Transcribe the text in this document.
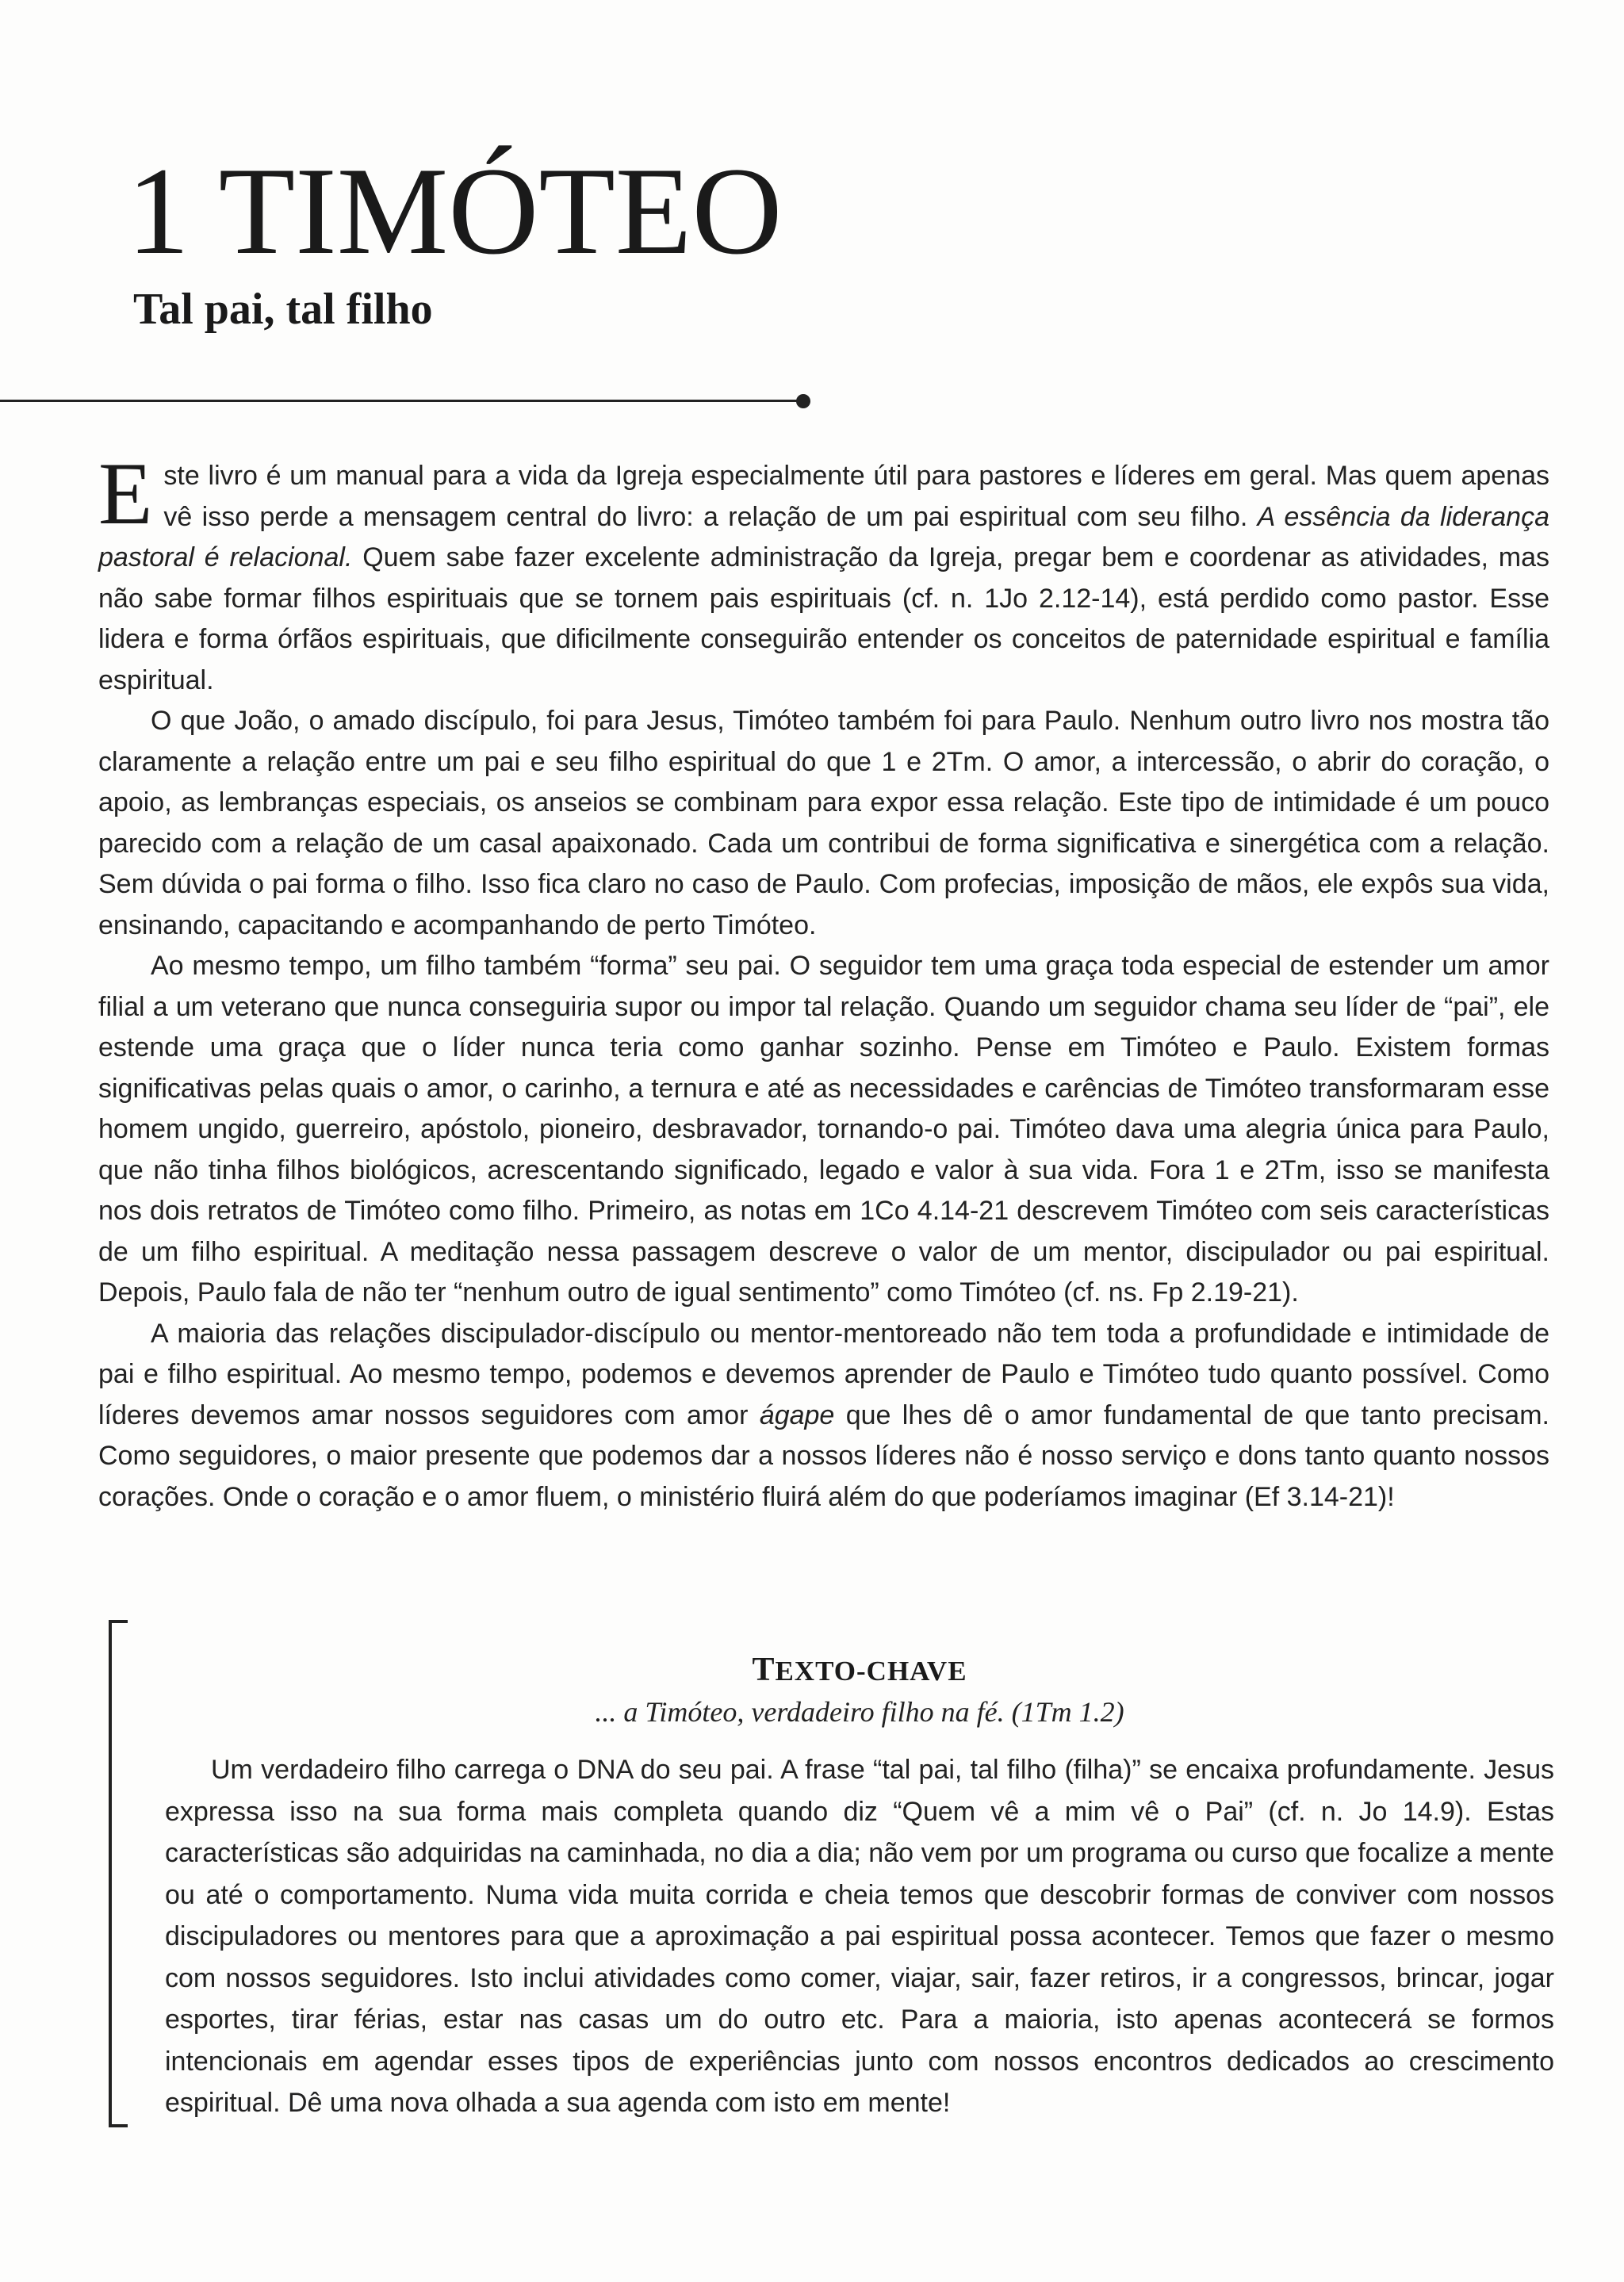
1 TIMÓTEO
Tal pai, tal filho

Este livro é um manual para a vida da Igreja especialmente útil para pastores e líderes em geral. Mas quem apenas vê isso perde a mensagem central do livro: a relação de um pai espiritual com seu filho. A essência da liderança pastoral é relacional. Quem sabe fazer excelente administração da Igreja, pregar bem e coordenar as atividades, mas não sabe formar filhos espirituais que se tornem pais espirituais (cf. n. 1Jo 2.12-14), está perdido como pastor. Esse lidera e forma órfãos espirituais, que dificilmente conseguirão entender os conceitos de paternidade espiritual e família espiritual.

O que João, o amado discípulo, foi para Jesus, Timóteo também foi para Paulo. Nenhum outro livro nos mostra tão claramente a relação entre um pai e seu filho espiritual do que 1 e 2Tm. O amor, a intercessão, o abrir do coração, o apoio, as lembranças especiais, os anseios se combinam para expor essa relação. Este tipo de intimidade é um pouco parecido com a relação de um casal apaixonado. Cada um contribui de forma significativa e sinergética com a relação. Sem dúvida o pai forma o filho. Isso fica claro no caso de Paulo. Com profecias, imposição de mãos, ele expôs sua vida, ensinando, capacitando e acompanhando de perto Timóteo.

Ao mesmo tempo, um filho também “forma” seu pai. O seguidor tem uma graça toda especial de estender um amor filial a um veterano que nunca conseguiria supor ou impor tal relação. Quando um seguidor chama seu líder de “pai”, ele estende uma graça que o líder nunca teria como ganhar sozinho. Pense em Timóteo e Paulo. Existem formas significativas pelas quais o amor, o carinho, a ternura e até as necessidades e carências de Timóteo transformaram esse homem ungido, guerreiro, apóstolo, pioneiro, desbravador, tornando-o pai. Timóteo dava uma alegria única para Paulo, que não tinha filhos biológicos, acrescentando significado, legado e valor à sua vida. Fora 1 e 2Tm, isso se manifesta nos dois retratos de Timóteo como filho. Primeiro, as notas em 1Co 4.14-21 descrevem Timóteo com seis características de um filho espiritual. A meditação nessa passagem descreve o valor de um mentor, discipulador ou pai espiritual. Depois, Paulo fala de não ter “nenhum outro de igual sentimento” como Timóteo (cf. ns. Fp 2.19-21).

A maioria das relações discipulador-discípulo ou mentor-mentoreado não tem toda a profundidade e intimidade de pai e filho espiritual. Ao mesmo tempo, podemos e devemos aprender de Paulo e Timóteo tudo quanto possível. Como líderes devemos amar nossos seguidores com amor ágape que lhes dê o amor fundamental de que tanto precisam. Como seguidores, o maior presente que podemos dar a nossos líderes não é nosso serviço e dons tanto quanto nossos corações. Onde o coração e o amor fluem, o ministério fluirá além do que poderíamos imaginar (Ef 3.14-21)!

TEXTO-CHAVE
... a Timóteo, verdadeiro filho na fé. (1Tm 1.2)

Um verdadeiro filho carrega o DNA do seu pai. A frase “tal pai, tal filho (filha)” se encaixa profundamente. Jesus expressa isso na sua forma mais completa quando diz “Quem vê a mim vê o Pai” (cf. n. Jo 14.9). Estas características são adquiridas na caminhada, no dia a dia; não vem por um programa ou curso que focalize a mente ou até o comportamento. Numa vida muita corrida e cheia temos que descobrir formas de conviver com nossos discipuladores ou mentores para que a aproximação a pai espiritual possa acontecer. Temos que fazer o mesmo com nossos seguidores. Isto inclui atividades como comer, viajar, sair, fazer retiros, ir a congressos, brincar, jogar esportes, tirar férias, estar nas casas um do outro etc. Para a maioria, isto apenas acontecerá se formos intencionais em agendar esses tipos de experiências junto com nossos encontros dedicados ao crescimento espiritual. Dê uma nova olhada a sua agenda com isto em mente!
